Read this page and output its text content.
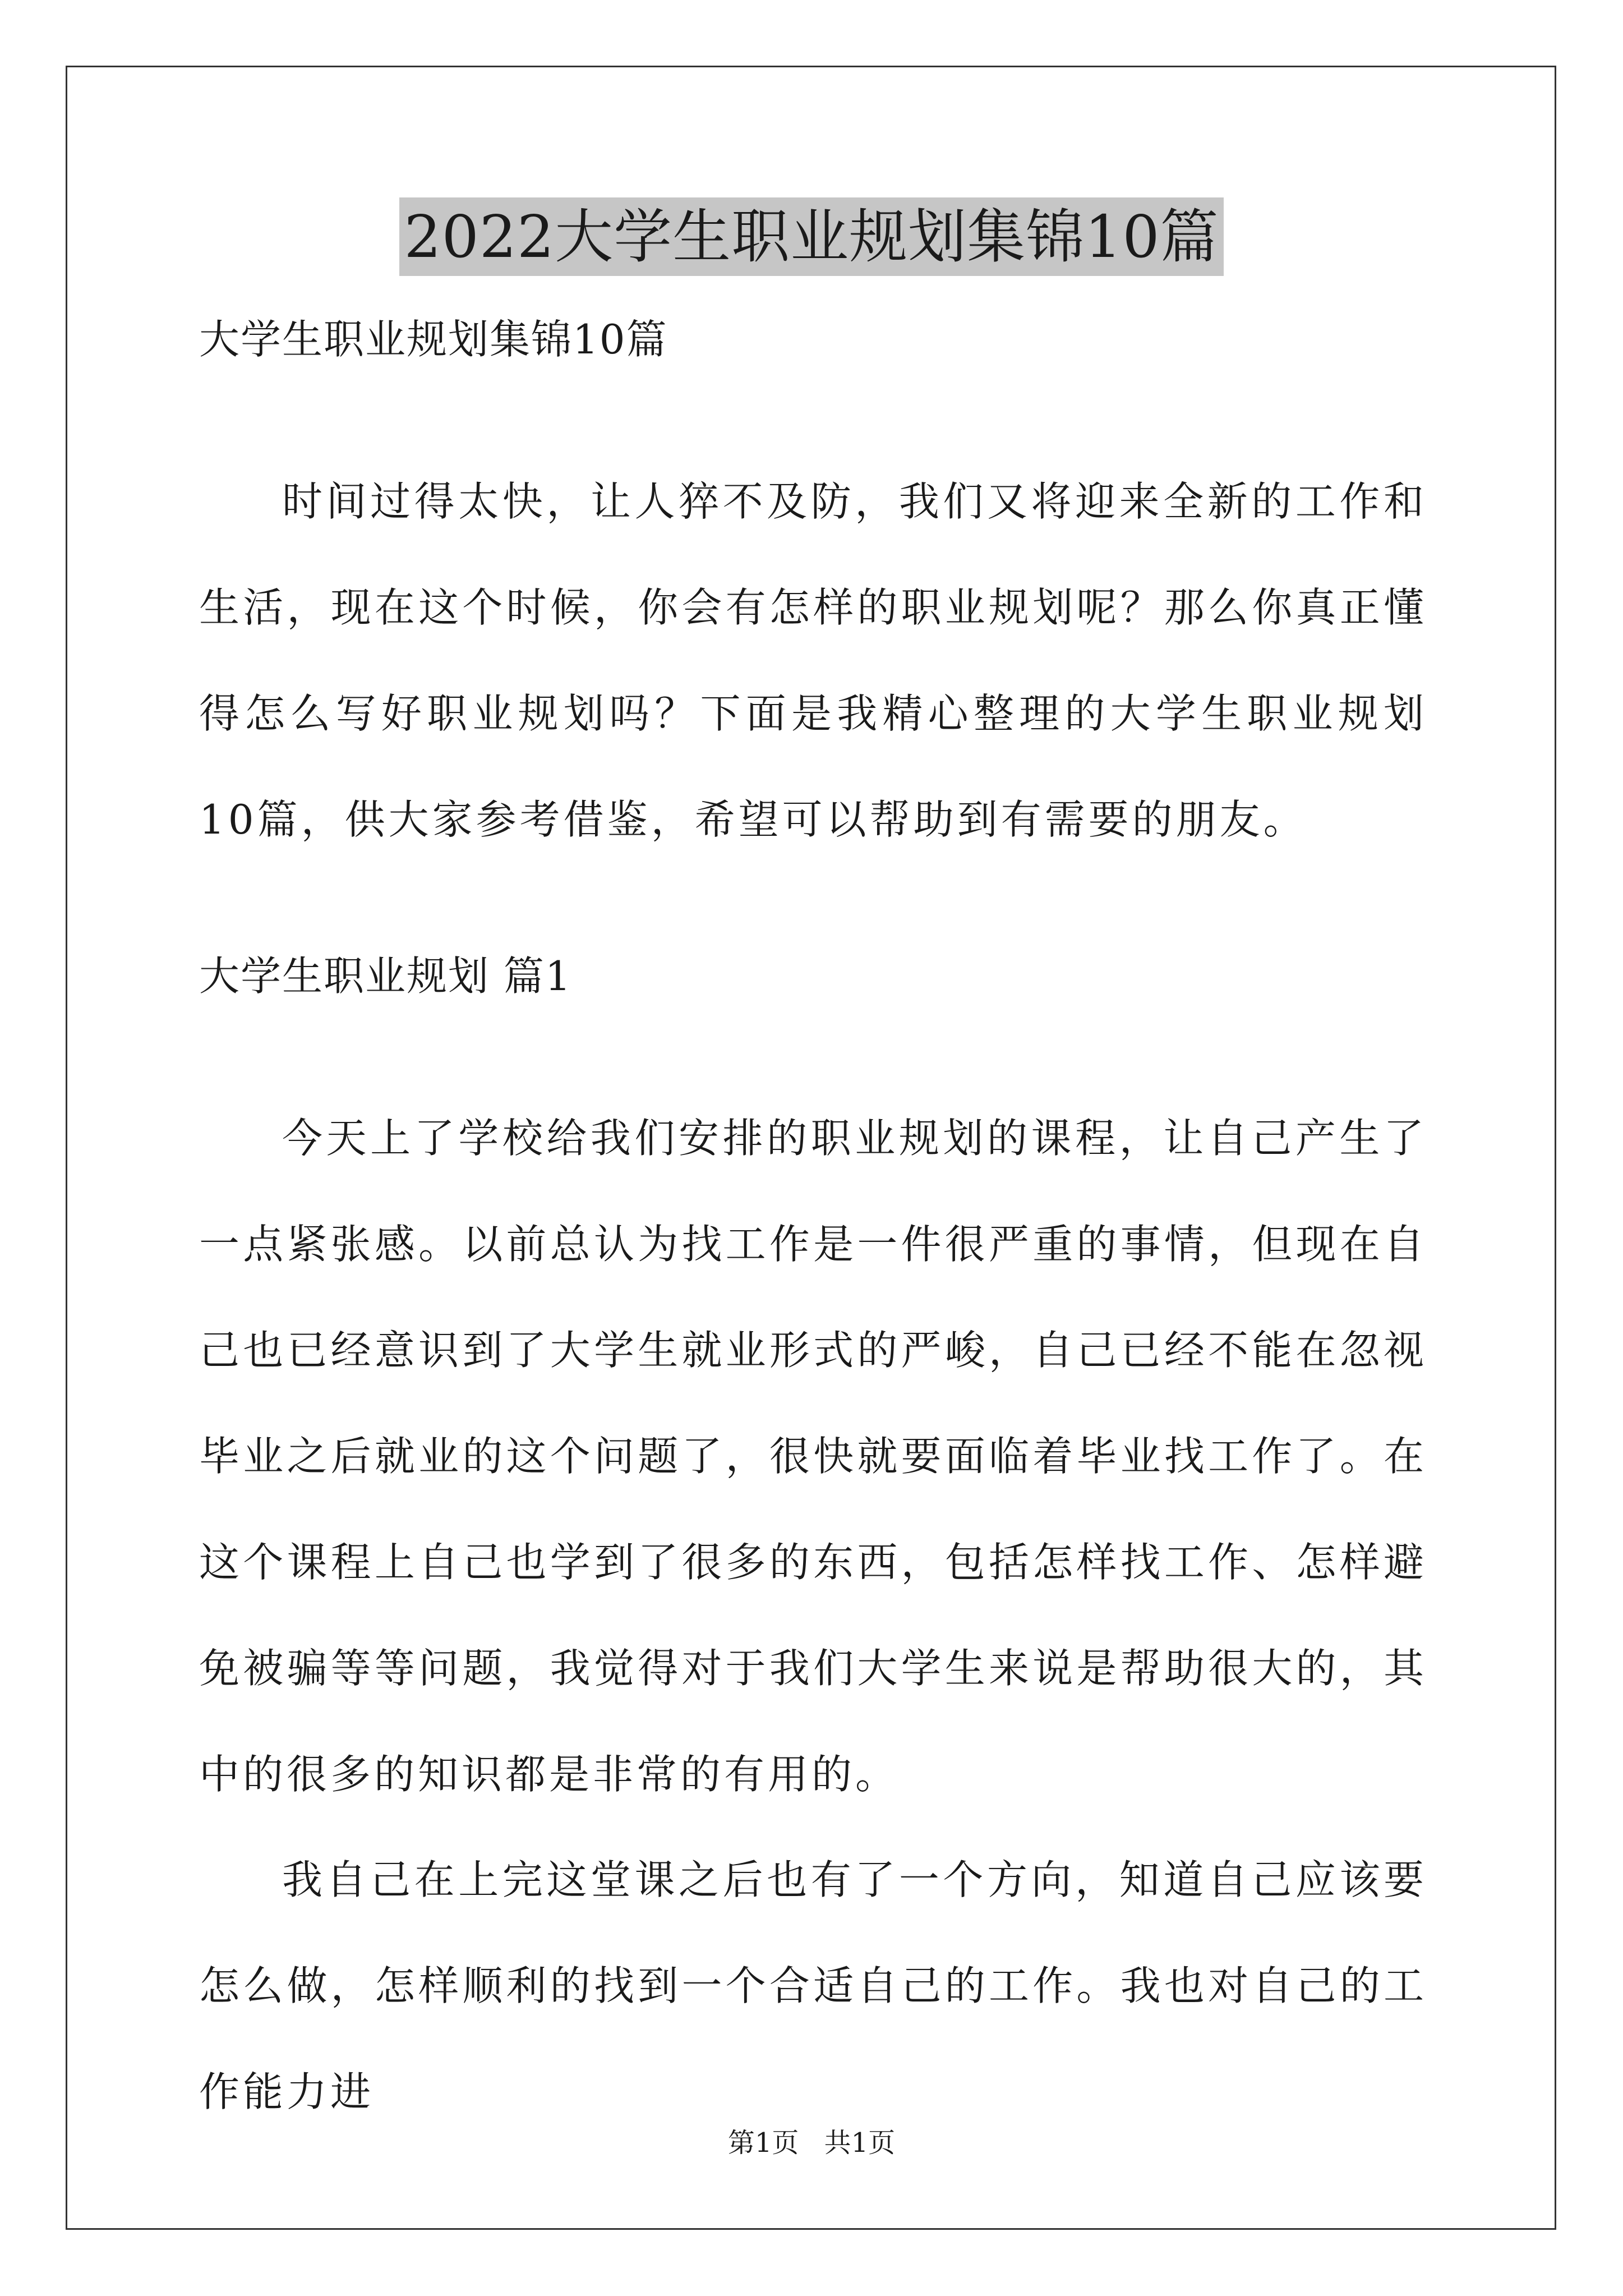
2022大学生职业规划集锦10篇
大学生职业规划集锦10篇

时间过得太快，让人猝不及防，我们又将迎来全新的工作和生活，现在这个时候，你会有怎样的职业规划呢？那么你真正懂得怎么写好职业规划吗？下面是我精心整理的大学生职业规划10篇，供大家参考借鉴，希望可以帮助到有需要的朋友。

大学生职业规划 篇1

今天上了学校给我们安排的职业规划的课程，让自己产生了一点紧张感。以前总认为找工作是一件很严重的事情，但现在自己也已经意识到了大学生就业形式的严峻，自己已经不能在忽视毕业之后就业的这个问题了，很快就要面临着毕业找工作了。在这个课程上自己也学到了很多的东西，包括怎样找工作、怎样避免被骗等等问题，我觉得对于我们大学生来说是帮助很大的，其中的很多的知识都是非常的有用的。

我自己在上完这堂课之后也有了一个方向，知道自己应该要怎么做，怎样顺利的找到一个合适自己的工作。我也对自己的工作能力进

第1页 共1页
